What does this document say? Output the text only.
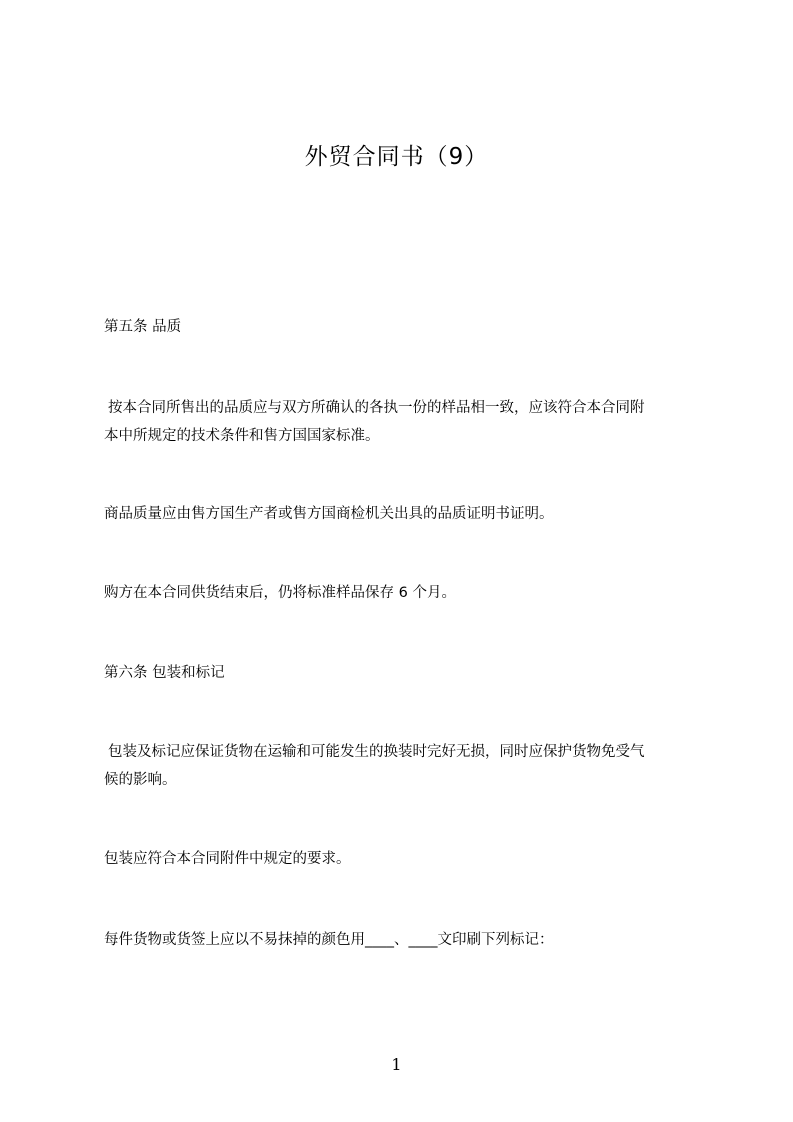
外贸合同书（9）
第五条 品质
按本合同所售出的品质应与双方所确认的各执一份的样品相一致，应该符合本合同附
本中所规定的技术条件和售方国国家标准。
商品质量应由售方国生产者或售方国商检机关出具的品质证明书证明。
购方在本合同供货结束后，仍将标准样品保存 6 个月。
第六条 包装和标记
包装及标记应保证货物在运输和可能发生的换装时完好无损，同时应保护货物免受气
候的影响。
包装应符合本合同附件中规定的要求。
每件货物或货签上应以不易抹掉的颜色用____、____文印刷下列标记：
1
